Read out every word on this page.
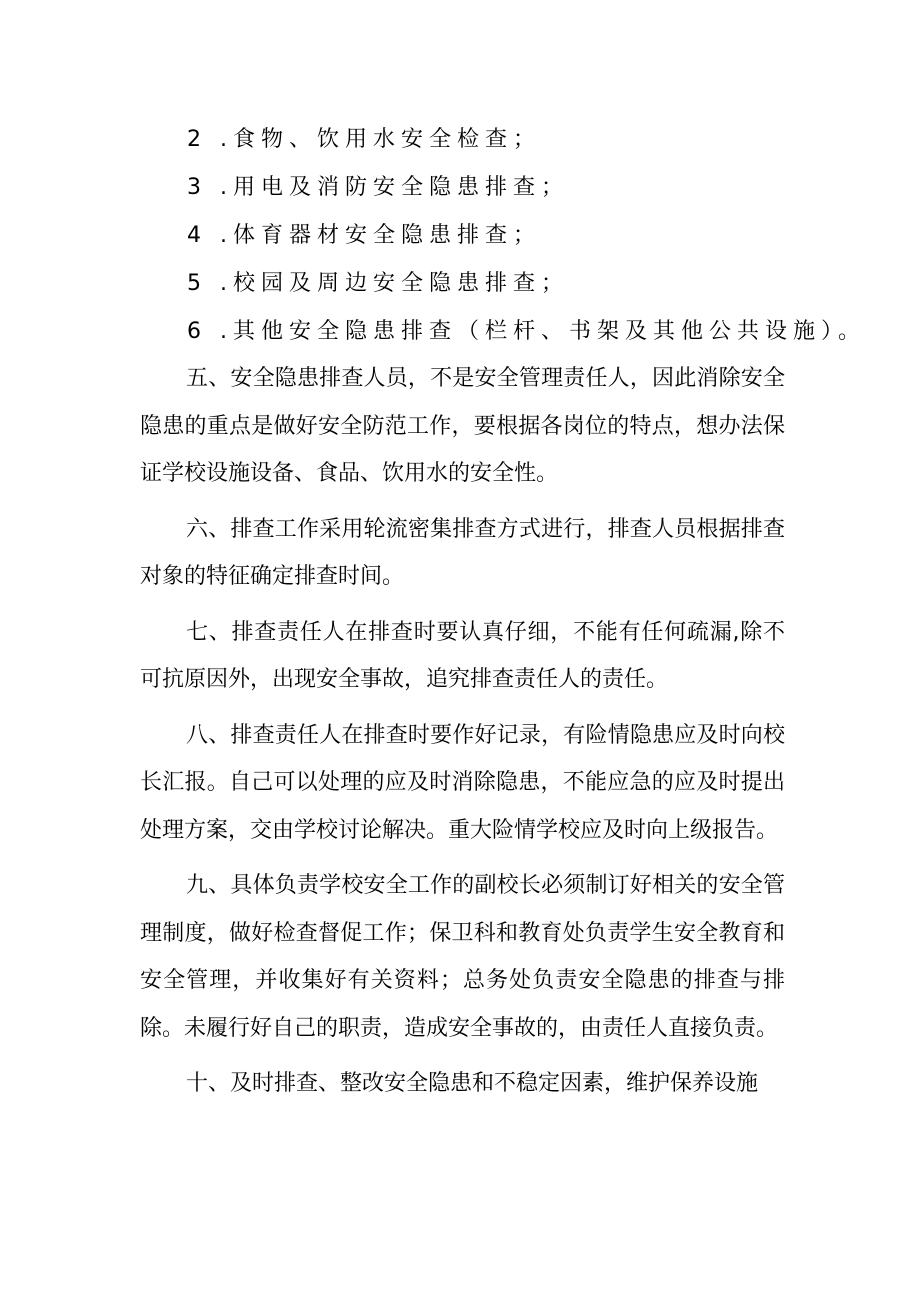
2 .食物、饮用水安全检查；
3 .用电及消防安全隐患排查；
4 .体育器材安全隐患排查；
5 .校园及周边安全隐患排查；
6 .其他安全隐患排查（栏杆、书架及其他公共设施）。

五、安全隐患排查人员，不是安全管理责任人，因此消除安全隐患的重点是做好安全防范工作，要根据各岗位的特点，想办法保证学校设施设备、食品、饮用水的安全性。

六、排查工作采用轮流密集排查方式进行，排查人员根据排查对象的特征确定排查时间。

七、排查责任人在排查时要认真仔细，不能有任何疏漏,除不可抗原因外，出现安全事故，追究排查责任人的责任。

八、排查责任人在排查时要作好记录，有险情隐患应及时向校长汇报。自己可以处理的应及时消除隐患，不能应急的应及时提出处理方案，交由学校讨论解决。重大险情学校应及时向上级报告。

九、具体负责学校安全工作的副校长必须制订好相关的安全管理制度，做好检查督促工作；保卫科和教育处负责学生安全教育和安全管理，并收集好有关资料；总务处负责安全隐患的排查与排除。未履行好自己的职责，造成安全事故的，由责任人直接负责。

十、及时排查、整改安全隐患和不稳定因素，维护保养设施
